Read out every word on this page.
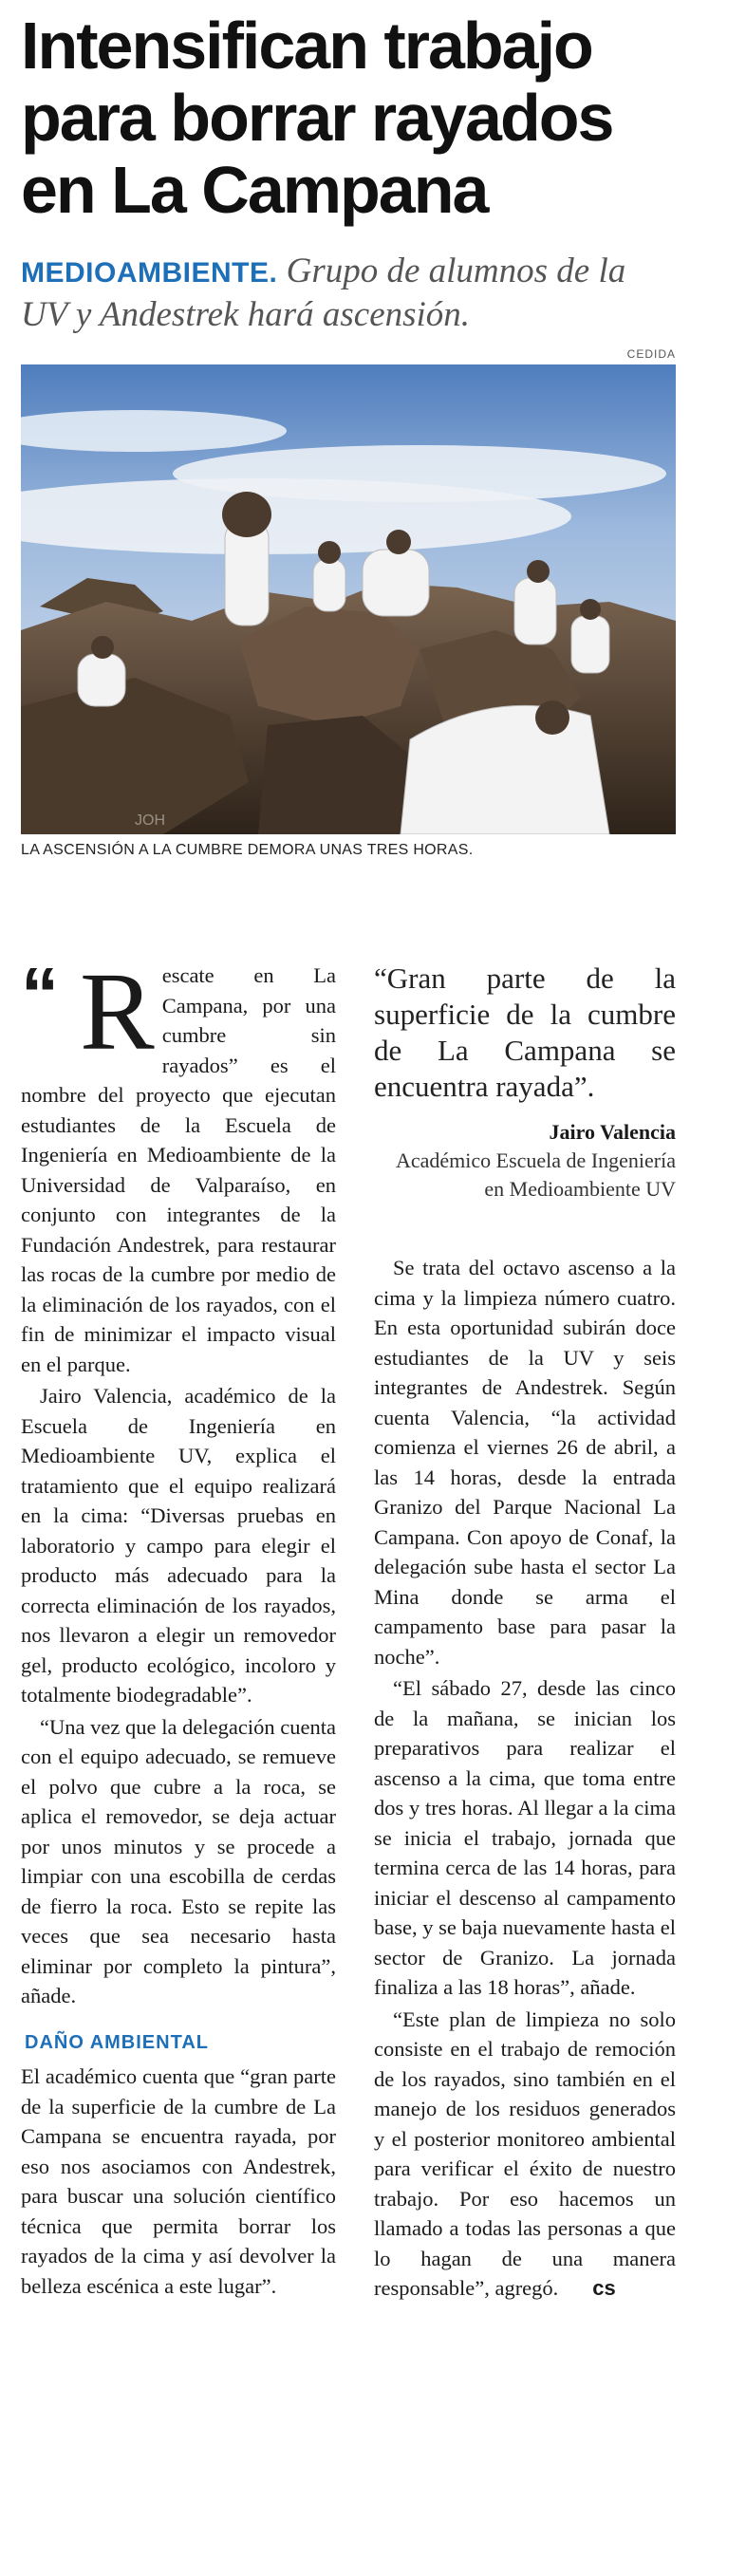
Intensifican trabajo
para borrar rayados
en La Campana
MEDIOAMBIENTE. Grupo de alumnos de la UV y Andestrek hará ascensión.
CEDIDA
JOH
LA ASCENSIÓN A LA CUMBRE DEMORA UNAS TRES HORAS.

“ R escate en La Campana, por una cumbre sin rayados” es el nombre del proyecto que ejecutan estudiantes de la Escuela de Ingeniería en Medioambiente de la Universidad de Valparaíso, en conjunto con integrantes de la Fundación Andestrek, para restaurar las rocas de la cumbre por medio de la eliminación de los rayados, con el fin de minimizar el impacto visual en el parque.

Jairo Valencia, académico de la Escuela de Ingeniería en Medioambiente UV, explica el tratamiento que el equipo realizará en la cima: “Diversas pruebas en laboratorio y campo para elegir el producto más adecuado para la correcta eliminación de los rayados, nos llevaron a elegir un removedor gel, producto ecológico, incoloro y totalmente biodegradable”.

“Una vez que la delegación cuenta con el equipo adecuado, se remueve el polvo que cubre a la roca, se aplica el removedor, se deja actuar por unos minutos y se procede a limpiar con una escobilla de cerdas de fierro la roca. Esto se repite las veces que sea necesario hasta eliminar por completo la pintura”, añade.

DAÑO AMBIENTAL

El académico cuenta que “gran parte de la superficie de la cumbre de La Campana se encuentra rayada, por eso nos asociamos con Andestrek, para buscar una solución científico técnica que permita borrar los rayados de la cima y así devolver la belleza escénica a este lugar”.

“Gran parte de la superficie de la cumbre de La Campana se encuentra rayada”.
Jairo Valencia
Académico Escuela de Ingeniería en Medioambiente UV

Se trata del octavo ascenso a la cima y la limpieza número cuatro. En esta oportunidad subirán doce estudiantes de la UV y seis integrantes de Andestrek. Según cuenta Valencia, “la actividad comienza el viernes 26 de abril, a las 14 horas, desde la entrada Granizo del Parque Nacional La Campana. Con apoyo de Conaf, la delegación sube hasta el sector La Mina donde se arma el campamento base para pasar la noche”.

“El sábado 27, desde las cinco de la mañana, se inician los preparativos para realizar el ascenso a la cima, que toma entre dos y tres horas. Al llegar a la cima se inicia el trabajo, jornada que termina cerca de las 14 horas, para iniciar el descenso al campamento base, y se baja nuevamente hasta el sector de Granizo. La jornada finaliza a las 18 horas”, añade.

“Este plan de limpieza no solo consiste en el trabajo de remoción de los rayados, sino también en el manejo de los residuos generados y el posterior monitoreo ambiental para verificar el éxito de nuestro trabajo. Por eso hacemos un llamado a todas las personas a que lo hagan de una manera responsable”, agregó. cs
